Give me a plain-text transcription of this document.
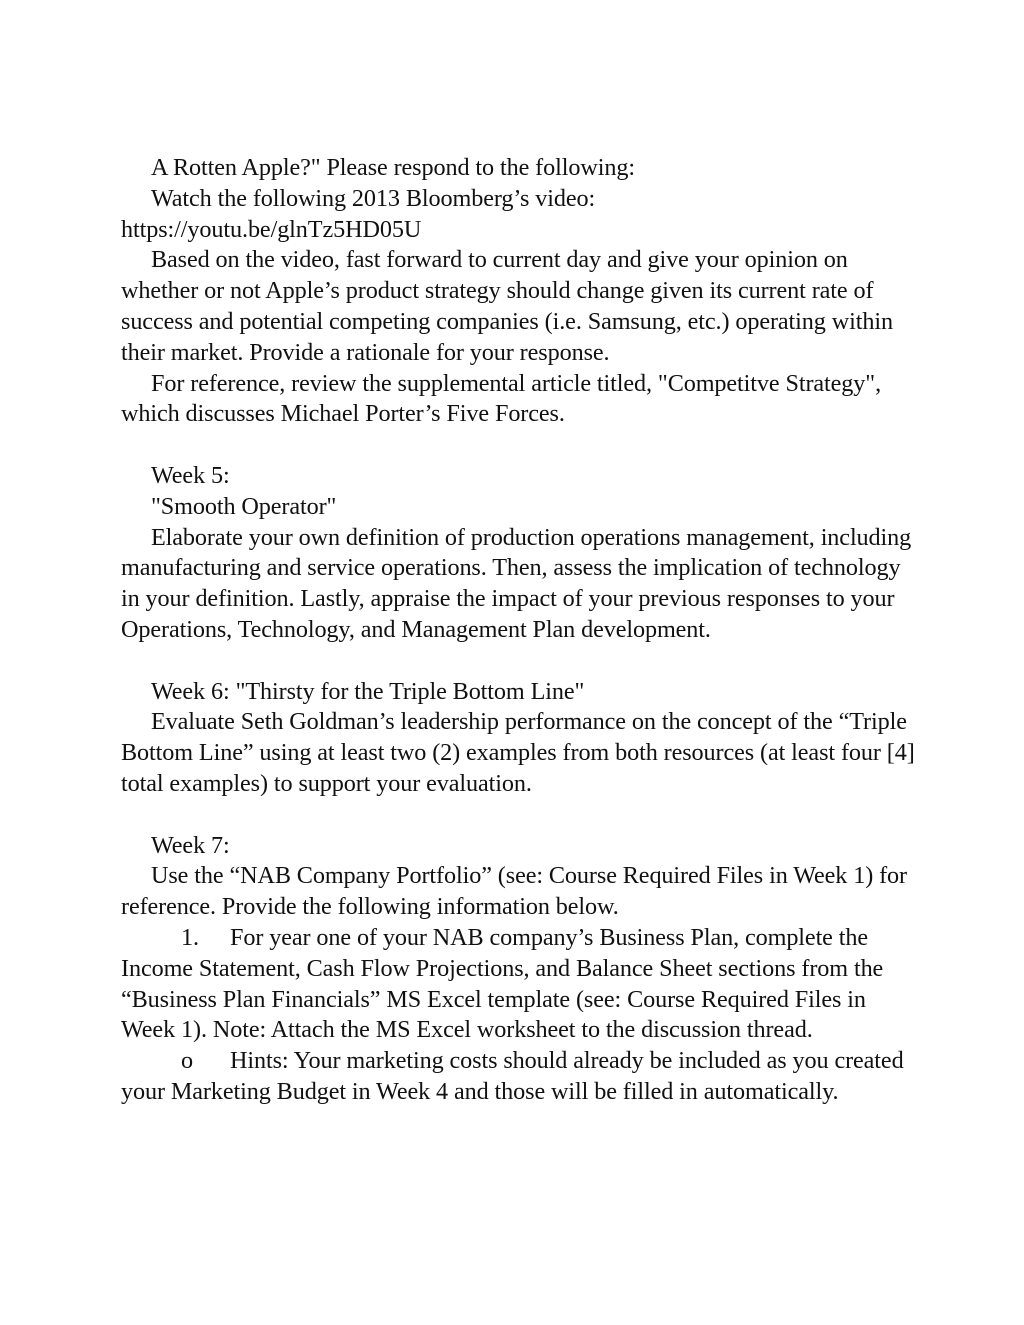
A Rotten Apple?" Please respond to the following:

Watch the following 2013 Bloomberg’s video:

https://youtu.be/glnTz5HD05U

Based on the video, fast forward to current day and give your opinion on whether or not Apple’s product strategy should change given its current rate of success and potential competing companies (i.e. Samsung, etc.) operating within their market. Provide a rationale for your response.

For reference, review the supplemental article titled, "Competitve Strategy", which discusses Michael Porter’s Five Forces.

Week 5:

"Smooth Operator"

Elaborate your own definition of production operations management, including manufacturing and service operations. Then, assess the implication of technology in your definition. Lastly, appraise the impact of your previous responses to your Operations, Technology, and Management Plan development.

Week 6: "Thirsty for the Triple Bottom Line"

Evaluate Seth Goldman’s leadership performance on the concept of the “Triple Bottom Line” using at least two (2) examples from both resources (at least four [4] total examples) to support your evaluation.

Week 7:

Use the “NAB Company Portfolio” (see: Course Required Files in Week 1) for reference. Provide the following information below.

1. For year one of your NAB company’s Business Plan, complete the Income Statement, Cash Flow Projections, and Balance Sheet sections from the “Business Plan Financials” MS Excel template (see: Course Required Files in Week 1). Note: Attach the MS Excel worksheet to the discussion thread.

o Hints: Your marketing costs should already be included as you created your Marketing Budget in Week 4 and those will be filled in automatically.
